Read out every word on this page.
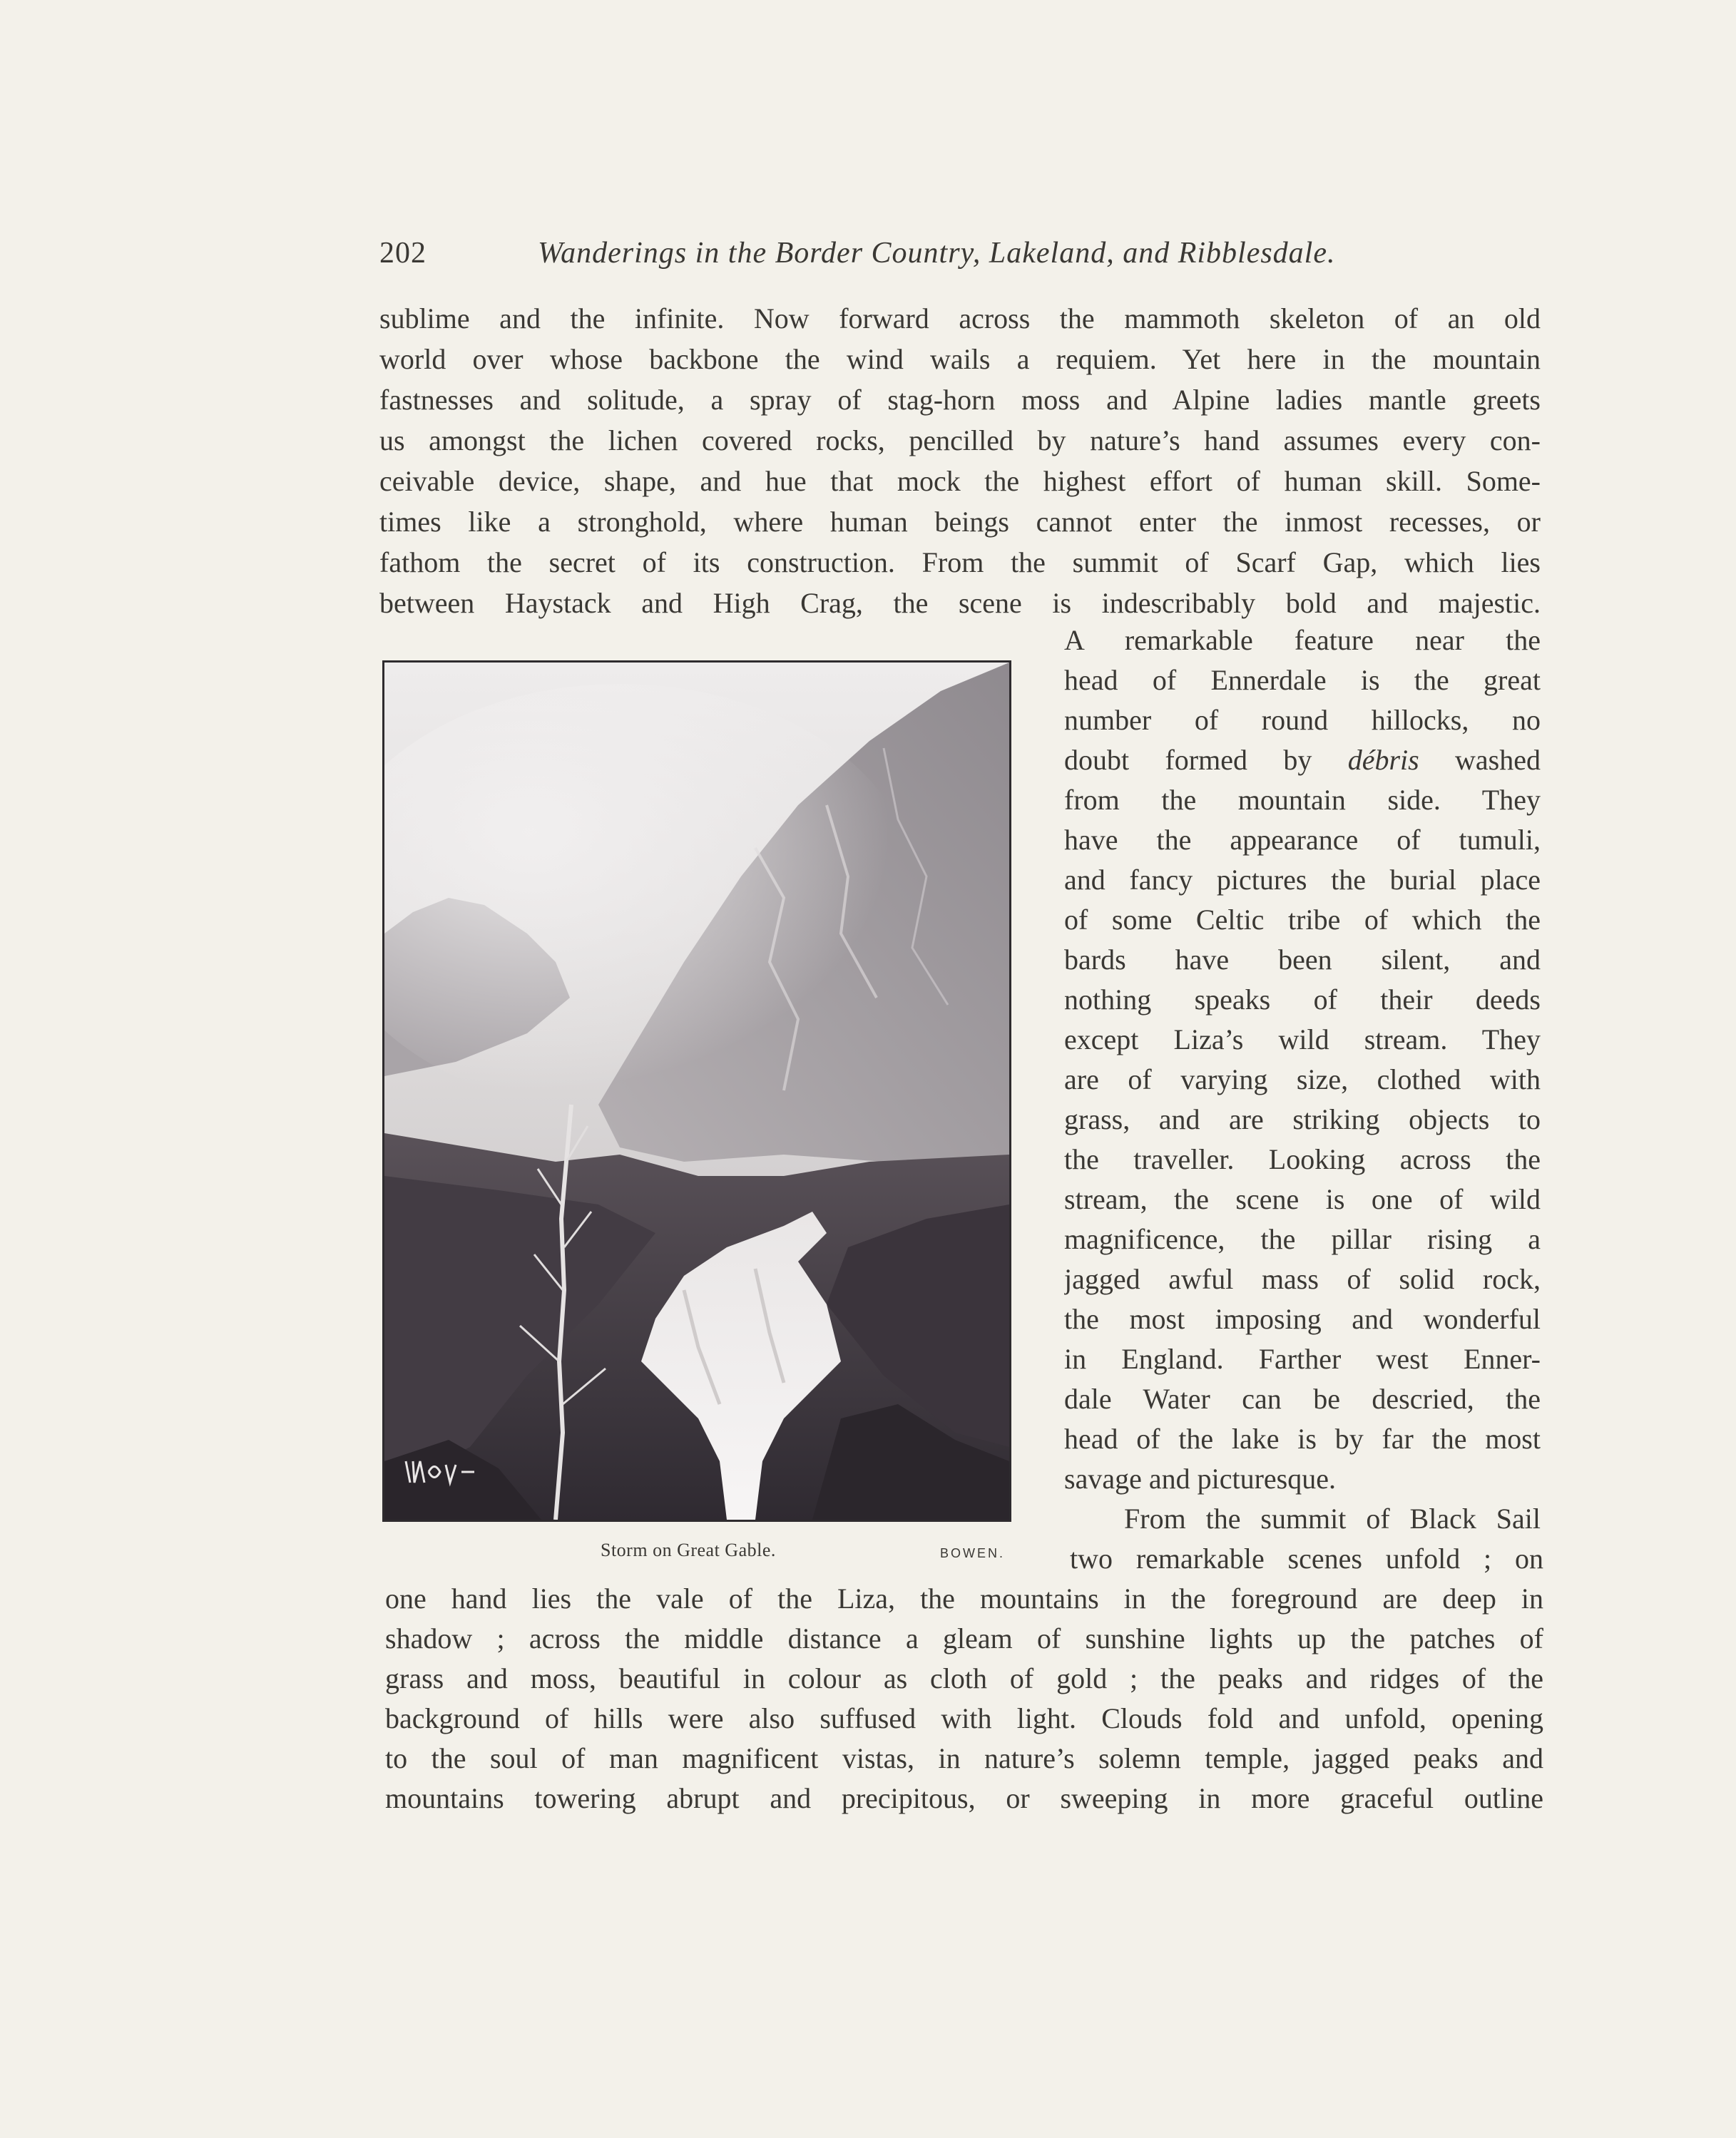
202	Wanderings in the Border Country, Lakeland, and Ribblesdale.
sublime and the infinite. Now forward across the mammoth skeleton of an old
world over whose backbone the wind wails a requiem. Yet here in the mountain
fastnesses and solitude, a spray of stag-horn moss and Alpine ladies mantle greets
us amongst the lichen covered rocks, pencilled by nature’s hand assumes every con-
ceivable device, shape, and hue that mock the highest effort of human skill. Some-
times like a stronghold, where human beings cannot enter the inmost recesses, or
fathom the secret of its construction. From the summit of Scarf Gap, which lies
between Haystack and High Crag, the scene is indescribably bold and majestic.
A remarkable feature near the
head of Ennerdale is the great
number of round hillocks, no
doubt formed by débris washed
from the mountain side. They
have the appearance of tumuli,
and fancy pictures the burial place
of some Celtic tribe of which the
bards have been silent, and
nothing speaks of their deeds
except Liza’s wild stream. They
are of varying size, clothed with
grass, and are striking objects to
the traveller. Looking across the
stream, the scene is one of wild
magnificence, the pillar rising a
jagged awful mass of solid rock,
the most imposing and wonderful
in England. Farther west Enner-
dale Water can be descried, the
head of the lake is by far the most
savage and picturesque.
From the summit of Black Sail
two remarkable scenes unfold ; on
one hand lies the vale of the Liza, the mountains in the foreground are deep in
shadow ; across the middle distance a gleam of sunshine lights up the patches of
grass and moss, beautiful in colour as cloth of gold ; the peaks and ridges of the
background of hills were also suffused with light. Clouds fold and unfold, opening
to the soul of man magnificent vistas, in nature’s solemn temple, jagged peaks and
mountains towering abrupt and precipitous, or sweeping in more graceful outline
Storm on Great Gable.	BOWEN.
